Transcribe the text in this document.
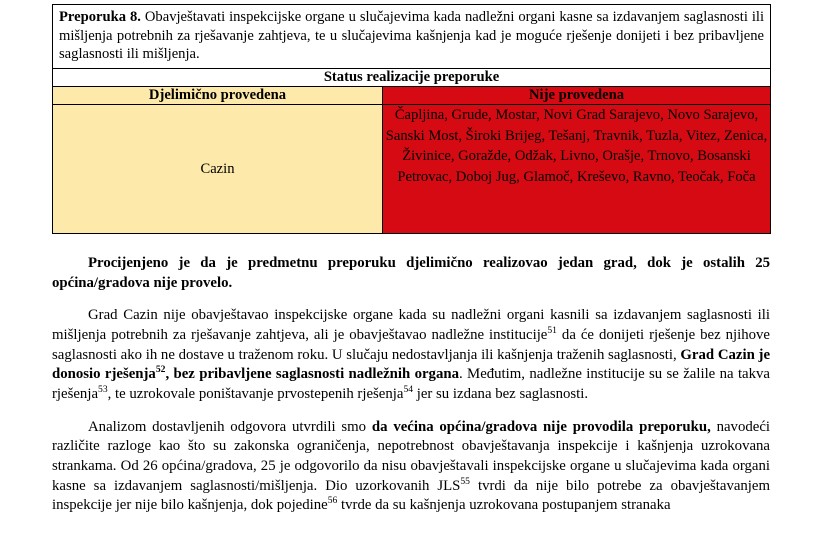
Preporuka 8. Obavještavati inspekcijske organe u slučajevima kada nadležni organi kasne sa izdavanjem saglasnosti ili mišljenja potrebnih za rješavanje zahtjeva, te u slučajevima kašnjenja kad je moguće rješenje donijeti i bez pribavljene saglasnosti ili mišljenja.	

Status realizacije preporuke	
Djelimično provedena	Nije provedena

Cazin	Čapljina, Grude, Mostar, Novi Grad Sarajevo, Novo Sarajevo, Sanski Most, Široki Brijeg, Tešanj, Travnik, Tuzla, Vitez, Zenica, Živinice, Goražde, Odžak, Livno, Orašje, Trnovo, Bosanski Petrovac, Doboj Jug, Glamoč, Kreševo, Ravno, Teočak, Foča

Procijenjeno je da je predmetnu preporuku djelimično realizovao jedan grad, dok je ostalih 25 općina/gradova nije provelo.

Grad Cazin nije obavještavao inspekcijske organe kada su nadležni organi kasnili sa izdavanjem saglasnosti ili mišljenja potrebnih za rješavanje zahtjeva, ali je obavještavao nadležne institucije$^{51}$ da će donijeti rješenje bez njihove saglasnosti ako ih ne dostave u traženom roku. U slučaju nedostavljanja ili kašnjenja traženih saglasnosti, Grad Cazin je donosio rješenja$^{52}$, bez pribavljene saglasnosti nadležnih organa. Međutim, nadležne institucije su se žalile na takva rješenja$^{53}$, te uzrokovale poništavanje prvostepenih rješenja$^{54}$ jer su izdana bez saglasnosti.

Analizom dostavljenih odgovora utvrdili smo da većina općina/gradova nije provodila preporuku, navodeći različite razloge kao što su zakonska ograničenja, nepotrebnost obavještavanja inspekcije i kašnjenja uzrokovana strankama. Od 26 općina/gradova, 25 je odgovorilo da nisu obavještavali inspekcijske organe u slučajevima kada organi kasne sa izdavanjem saglasnosti/mišljenja. Dio uzorkovanih JLS$^{55}$ tvrdi da nije bilo potrebe za obavještavanjem inspekcije jer nije bilo kašnjenja, dok pojedine$^{56}$ tvrde da su kašnjenja uzrokovana postupanjem stranaka
